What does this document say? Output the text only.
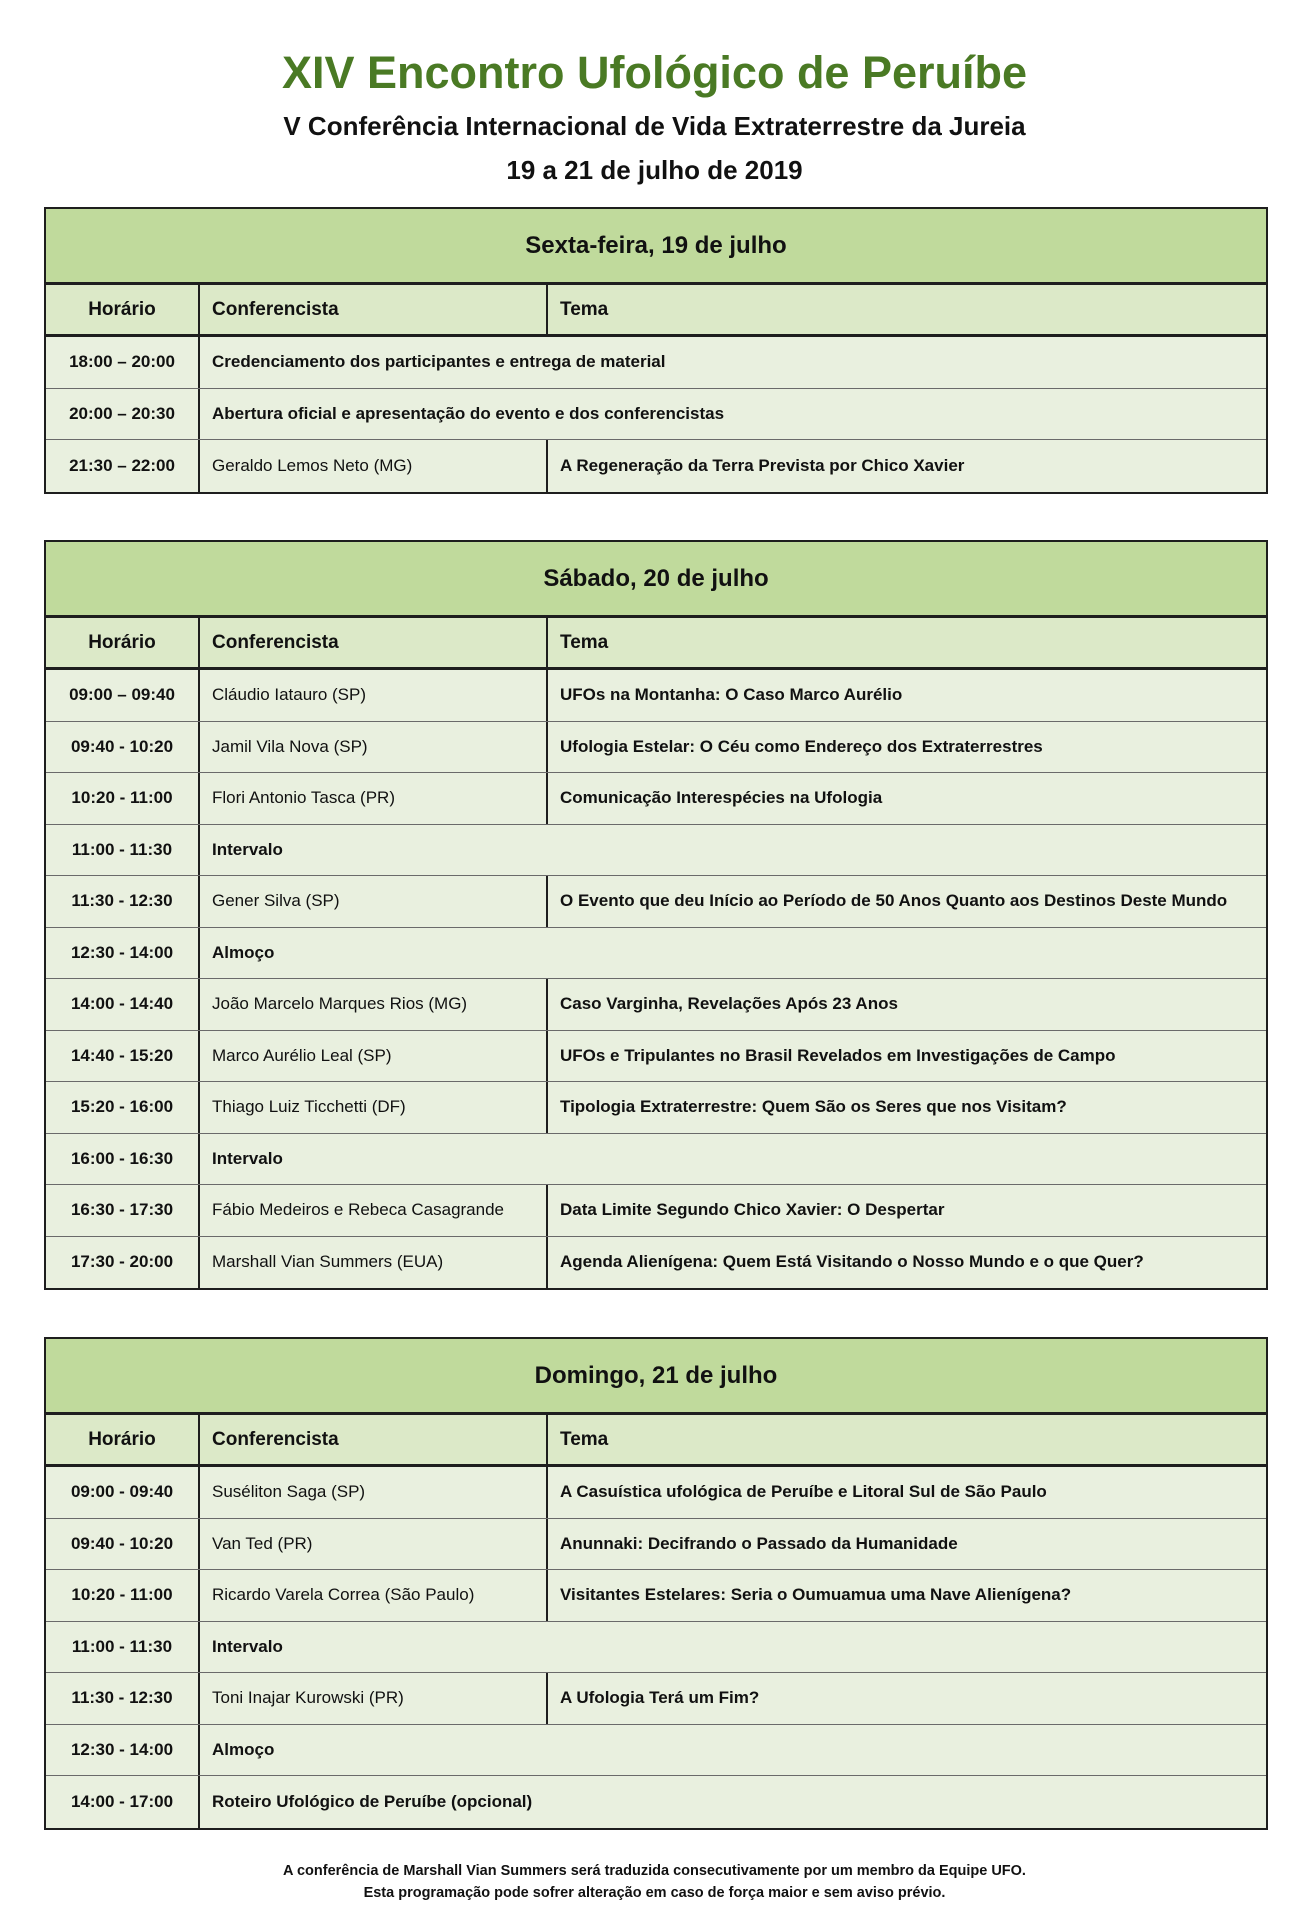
XIV Encontro Ufológico de Peruíbe
V Conferência Internacional de Vida Extraterrestre da Jureia
19 a 21 de julho de 2019
Sexta-feira, 19 de julho
Horário	Conferencista	Tema
18:00 – 20:00	Credenciamento dos participantes e entrega de material
20:00 – 20:30	Abertura oficial e apresentação do evento e dos conferencistas
21:30 – 22:00	Geraldo Lemos Neto (MG)	A Regeneração da Terra Prevista por Chico Xavier
Sábado, 20 de julho
Horário	Conferencista	Tema
09:00 – 09:40	Cláudio Iatauro (SP)	UFOs na Montanha: O Caso Marco Aurélio
09:40 - 10:20	Jamil Vila Nova (SP)	Ufologia Estelar: O Céu como Endereço dos Extraterrestres
10:20 - 11:00	Flori Antonio Tasca (PR)	Comunicação Interespécies na Ufologia
11:00 - 11:30	Intervalo
11:30 - 12:30	Gener Silva (SP)	O Evento que deu Início ao Período de 50 Anos Quanto aos Destinos Deste Mundo
12:30 - 14:00	Almoço
14:00 - 14:40	João Marcelo Marques Rios (MG)	Caso Varginha, Revelações Após 23 Anos
14:40 - 15:20	Marco Aurélio Leal (SP)	UFOs e Tripulantes no Brasil Revelados em Investigações de Campo
15:20 - 16:00	Thiago Luiz Ticchetti (DF)	Tipologia Extraterrestre: Quem São os Seres que nos Visitam?
16:00 - 16:30	Intervalo
16:30 - 17:30	Fábio Medeiros e Rebeca Casagrande	Data Limite Segundo Chico Xavier: O Despertar
17:30 - 20:00	Marshall Vian Summers (EUA)	Agenda Alienígena: Quem Está Visitando o Nosso Mundo e o que Quer?
Domingo, 21 de julho
Horário	Conferencista	Tema
09:00 - 09:40	Suséliton Saga (SP)	A Casuística ufológica de Peruíbe e Litoral Sul de São Paulo
09:40 - 10:20	Van Ted (PR)	Anunnaki: Decifrando o Passado da Humanidade
10:20 - 11:00	Ricardo Varela Correa (São Paulo)	Visitantes Estelares: Seria o Oumuamua uma Nave Alienígena?
11:00 - 11:30	Intervalo
11:30 - 12:30	Toni Inajar Kurowski (PR)	A Ufologia Terá um Fim?
12:30 - 14:00	Almoço
14:00 - 17:00	Roteiro Ufológico de Peruíbe (opcional)
A conferência de Marshall Vian Summers será traduzida consecutivamente por um membro da Equipe UFO.
Esta programação pode sofrer alteração em caso de força maior e sem aviso prévio.
